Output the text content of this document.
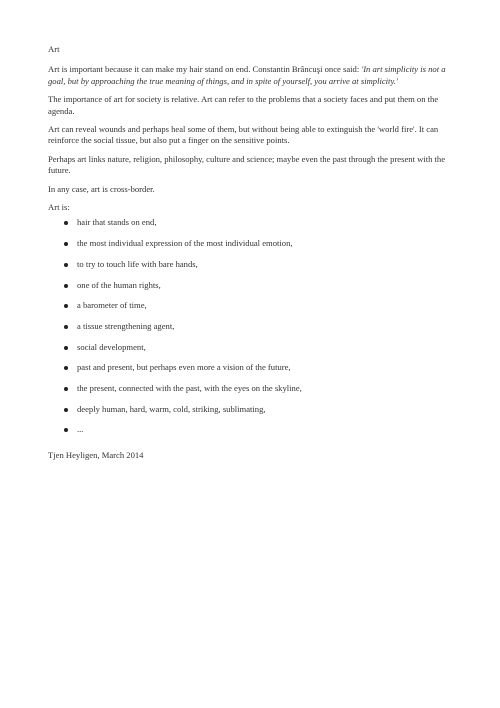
Art

Art is important because it can make my hair stand on end. Constantin Brâncuşi once said: 'In art simplicity is not a goal, but by approaching the true meaning of things, and in spite of yourself, you arrive at simplicity.'

The importance of art for society is relative. Art can refer to the problems that a society faces and put them on the agenda.

Art can reveal wounds and perhaps heal some of them, but without being able to extinguish the 'world fire'. It can reinforce the social tissue, but also put a finger on the sensitive points.

Perhaps art links nature, religion, philosophy, culture and science; maybe even the past through the present with the future.

In any case, art is cross-border.

Art is:

hair that stands on end,
the most individual expression of the most individual emotion,
to try to touch life with bare hands,
one of the human rights,
a barometer of time,
a tissue strengthening agent,
social development,
past and present, but perhaps even more a vision of the future,
the present, connected with the past, with the eyes on the skyline,
deeply human, hard, warm, cold, striking, sublimating,
...

Tjen Heyligen, March 2014
